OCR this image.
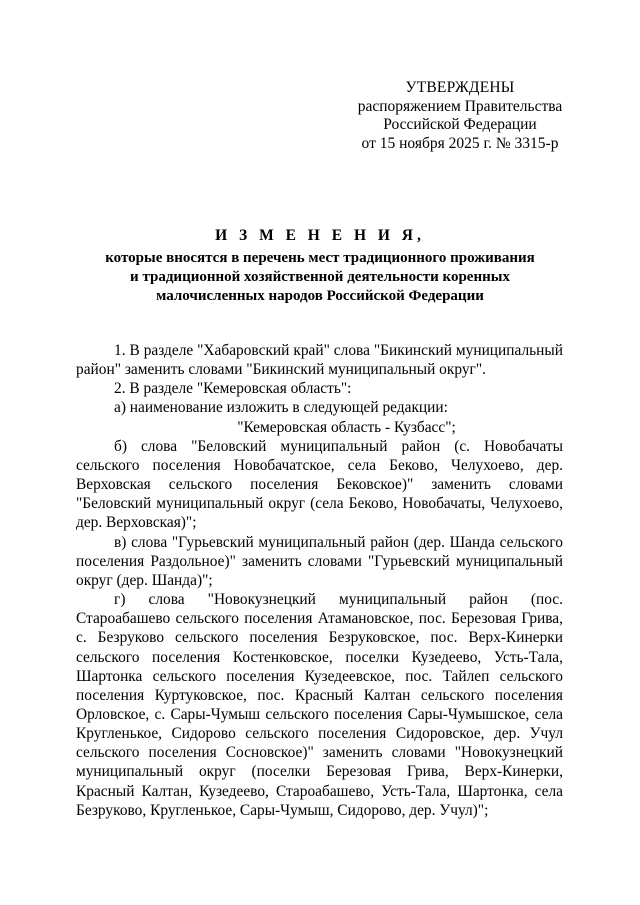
УТВЕРЖДЕНЫ
распоряжением Правительства
Российской Федерации
от 15 ноября 2025 г. № 3315-р
И З М Е Н Е Н И Я,
которые вносятся в перечень мест традиционного проживания
и традиционной хозяйственной деятельности коренных
малочисленных народов Российской Федерации

1. В разделе "Хабаровский край" слова "Бикинский муниципальный район" заменить словами "Бикинский муниципальный округ".

2. В разделе "Кемеровская область":

а) наименование изложить в следующей редакции:

"Кемеровская область - Кузбасс";

б) слова "Беловский муниципальный район (с. Новобачаты сельского поселения Новобачатское, села Беково, Челухоево, дер. Верховская сельского поселения Бековское)" заменить словами "Беловский муниципальный округ (села Беково, Новобачаты, Челухоево, дер. Верховская)";

в) слова "Гурьевский муниципальный район (дер. Шанда сельского поселения Раздольное)" заменить словами "Гурьевский муниципальный округ (дер. Шанда)";

г) слова "Новокузнецкий муниципальный район (пос. Староабашево сельского поселения Атамановское, пос. Березовая Грива, с. Безруково сельского поселения Безруковское, пос. Верх-Кинерки сельского поселения Костенковское, поселки Кузедеево, Усть-Тала, Шартонка сельского поселения Кузедеевское, пос. Тайлеп сельского поселения Куртуковское, пос. Красный Калтан сельского поселения Орловское, с. Сары-Чумыш сельского поселения Сары-Чумышское, села Кругленькое, Сидорово сельского поселения Сидоровское, дер. Учул сельского поселения Сосновское)" заменить словами "Новокузнецкий муниципальный округ (поселки Березовая Грива, Верх-Кинерки, Красный Калтан, Кузедеево, Староабашево, Усть-Тала, Шартонка, села Безруково, Кругленькое, Сары-Чумыш, Сидорово, дер. Учул)";
